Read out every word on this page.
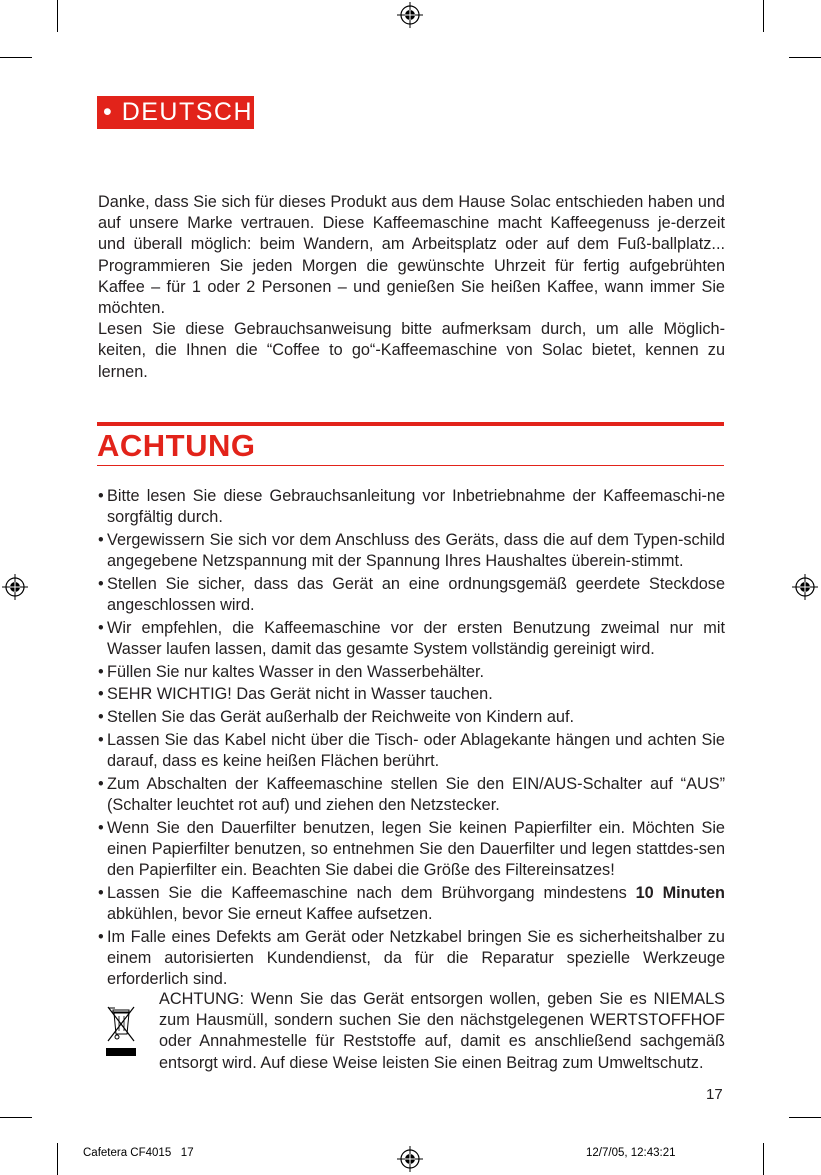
• DEUTSCH

Danke, dass Sie sich für dieses Produkt aus dem Hause Solac entschieden haben und auf unsere Marke vertrauen. Diese Kaffeemaschine macht Kaffeegenuss je-derzeit und überall möglich: beim Wandern, am Arbeitsplatz oder auf dem Fuß-ballplatz... Programmieren Sie jeden Morgen die gewünschte Uhrzeit für fertig aufgebrühten Kaffee – für 1 oder 2 Personen – und genießen Sie heißen Kaffee, wann immer Sie möchten.

Lesen Sie diese Gebrauchsanweisung bitte aufmerksam durch, um alle Möglich-keiten, die Ihnen die “Coffee to go“-Kaffeemaschine von Solac bietet, kennen zu lernen.

ACHTUNG
• Bitte lesen Sie diese Gebrauchsanleitung vor Inbetriebnahme der Kaffeemaschi-ne sorgfältig durch.
• Vergewissern Sie sich vor dem Anschluss des Geräts, dass die auf dem Typen-schild angegebene Netzspannung mit der Spannung Ihres Haushaltes überein-stimmt.
• Stellen Sie sicher, dass das Gerät an eine ordnungsgemäß geerdete Steckdose angeschlossen wird.
• Wir empfehlen, die Kaffeemaschine vor der ersten Benutzung zweimal nur mit Wasser laufen lassen, damit das gesamte System vollständig gereinigt wird.
• Füllen Sie nur kaltes Wasser in den Wasserbehälter.
• SEHR WICHTIG! Das Gerät nicht in Wasser tauchen.
• Stellen Sie das Gerät außerhalb der Reichweite von Kindern auf.
• Lassen Sie das Kabel nicht über die Tisch- oder Ablagekante hängen und achten Sie darauf, dass es keine heißen Flächen berührt.
• Zum Abschalten der Kaffeemaschine stellen Sie den EIN/AUS-Schalter auf “AUS” (Schalter leuchtet rot auf) und ziehen den Netzstecker.
• Wenn Sie den Dauerfilter benutzen, legen Sie keinen Papierfilter ein. Möchten Sie einen Papierfilter benutzen, so entnehmen Sie den Dauerfilter und legen stattdes-sen den Papierfilter ein. Beachten Sie dabei die Größe des Filtereinsatzes!
• Lassen Sie die Kaffeemaschine nach dem Brühvorgang mindestens 10 Minuten abkühlen, bevor Sie erneut Kaffee aufsetzen.
• Im Falle eines Defekts am Gerät oder Netzkabel bringen Sie es sicherheitshalber zu einem autorisierten Kundendienst, da für die Reparatur spezielle Werkzeuge erforderlich sind.
ACHTUNG: Wenn Sie das Gerät entsorgen wollen, geben Sie es NIEMALS zum Hausmüll, sondern suchen Sie den nächstgelegenen WERTSTOFFHOF oder Annahmestelle für Reststoffe auf, damit es anschließend sachgemäß entsorgt wird. Auf diese Weise leisten Sie einen Beitrag zum Umweltschutz.
17
Cafetera CF4015   17	12/7/05, 12:43:21
